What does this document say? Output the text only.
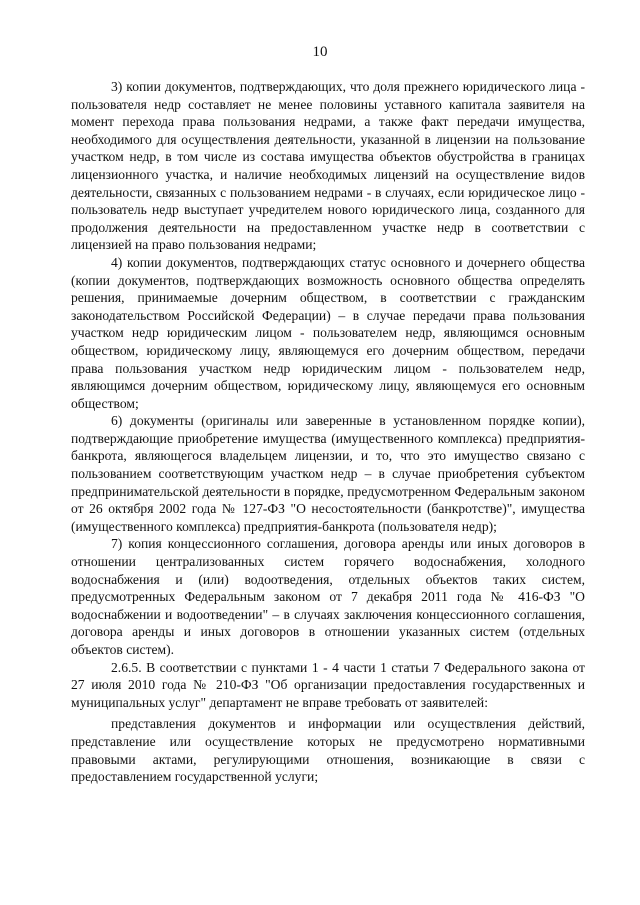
10

3) копии документов, подтверждающих, что доля прежнего юридического лица - пользователя недр составляет не менее половины уставного капитала заявителя на момент перехода права пользования недрами, а также факт передачи имущества, необходимого для осуществления деятельности, указанной в лицензии на пользование участком недр, в том числе из состава имущества объектов обустройства в границах лицензионного участка, и наличие необходимых лицензий на осуществление видов деятельности, связанных с пользованием недрами - в случаях, если юридическое лицо - пользователь недр выступает учредителем нового юридического лица, созданного для продолжения деятельности на предоставленном участке недр в соответствии с лицензией на право пользования недрами;

4) копии документов, подтверждающих статус основного и дочернего общества (копии документов, подтверждающих возможность основного общества определять решения, принимаемые дочерним обществом, в соответствии с гражданским законодательством Российской Федерации) – в случае передачи права пользования участком недр юридическим лицом - пользователем недр, являющимся основным обществом, юридическому лицу, являющемуся его дочерним обществом, передачи права пользования участком недр юридическим лицом - пользователем недр, являющимся дочерним обществом, юридическому лицу, являющемуся его основным обществом;

6) документы (оригиналы или заверенные в установленном порядке копии), подтверждающие приобретение имущества (имущественного комплекса) предприятия-банкрота, являющегося владельцем лицензии, и то, что это имущество связано с пользованием соответствующим участком недр – в случае приобретения субъектом предпринимательской деятельности в порядке, предусмотренном Федеральным законом от 26 октября 2002 года № 127-ФЗ "О несостоятельности (банкротстве)", имущества (имущественного комплекса) предприятия-банкрота (пользователя недр);

7) копия концессионного соглашения, договора аренды или иных договоров в отношении централизованных систем горячего водоснабжения, холодного водоснабжения и (или) водоотведения, отдельных объектов таких систем, предусмотренных Федеральным законом от 7 декабря 2011 года № 416-ФЗ "О водоснабжении и водоотведении" – в случаях заключения концессионного соглашения, договора аренды и иных договоров в отношении указанных систем (отдельных объектов систем).

2.6.5. В соответствии с пунктами 1 - 4 части 1 статьи 7 Федерального закона от 27 июля 2010 года № 210-ФЗ "Об организации предоставления государственных и муниципальных услуг" департамент не вправе требовать от заявителей:

представления документов и информации или осуществления действий, представление или осуществление которых не предусмотрено нормативными правовыми актами, регулирующими отношения, возникающие в связи с предоставлением государственной услуги;
